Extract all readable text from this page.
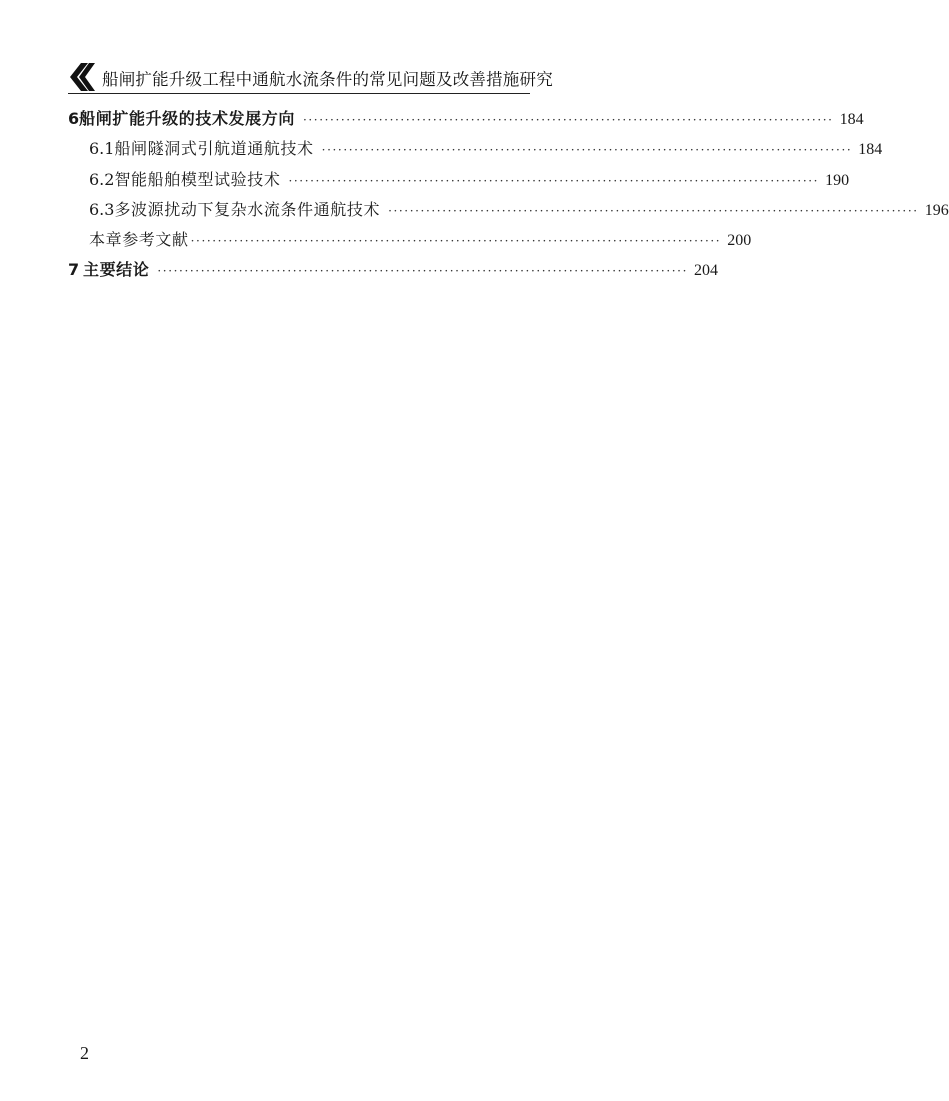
船闸扩能升级工程中通航水流条件的常见问题及改善措施研究
6 船闸扩能升级的技术发展方向 ·································································································· 184
6.1 船闸隧洞式引航道通航技术 ·································································································· 184
6.2 智能船舶模型试验技术 ·································································································· 190
6.3 多波源扰动下复杂水流条件通航技术 ·································································································· 196
本章参考文献 ·································································································· 200
7 主要结论 ·································································································· 204
2
